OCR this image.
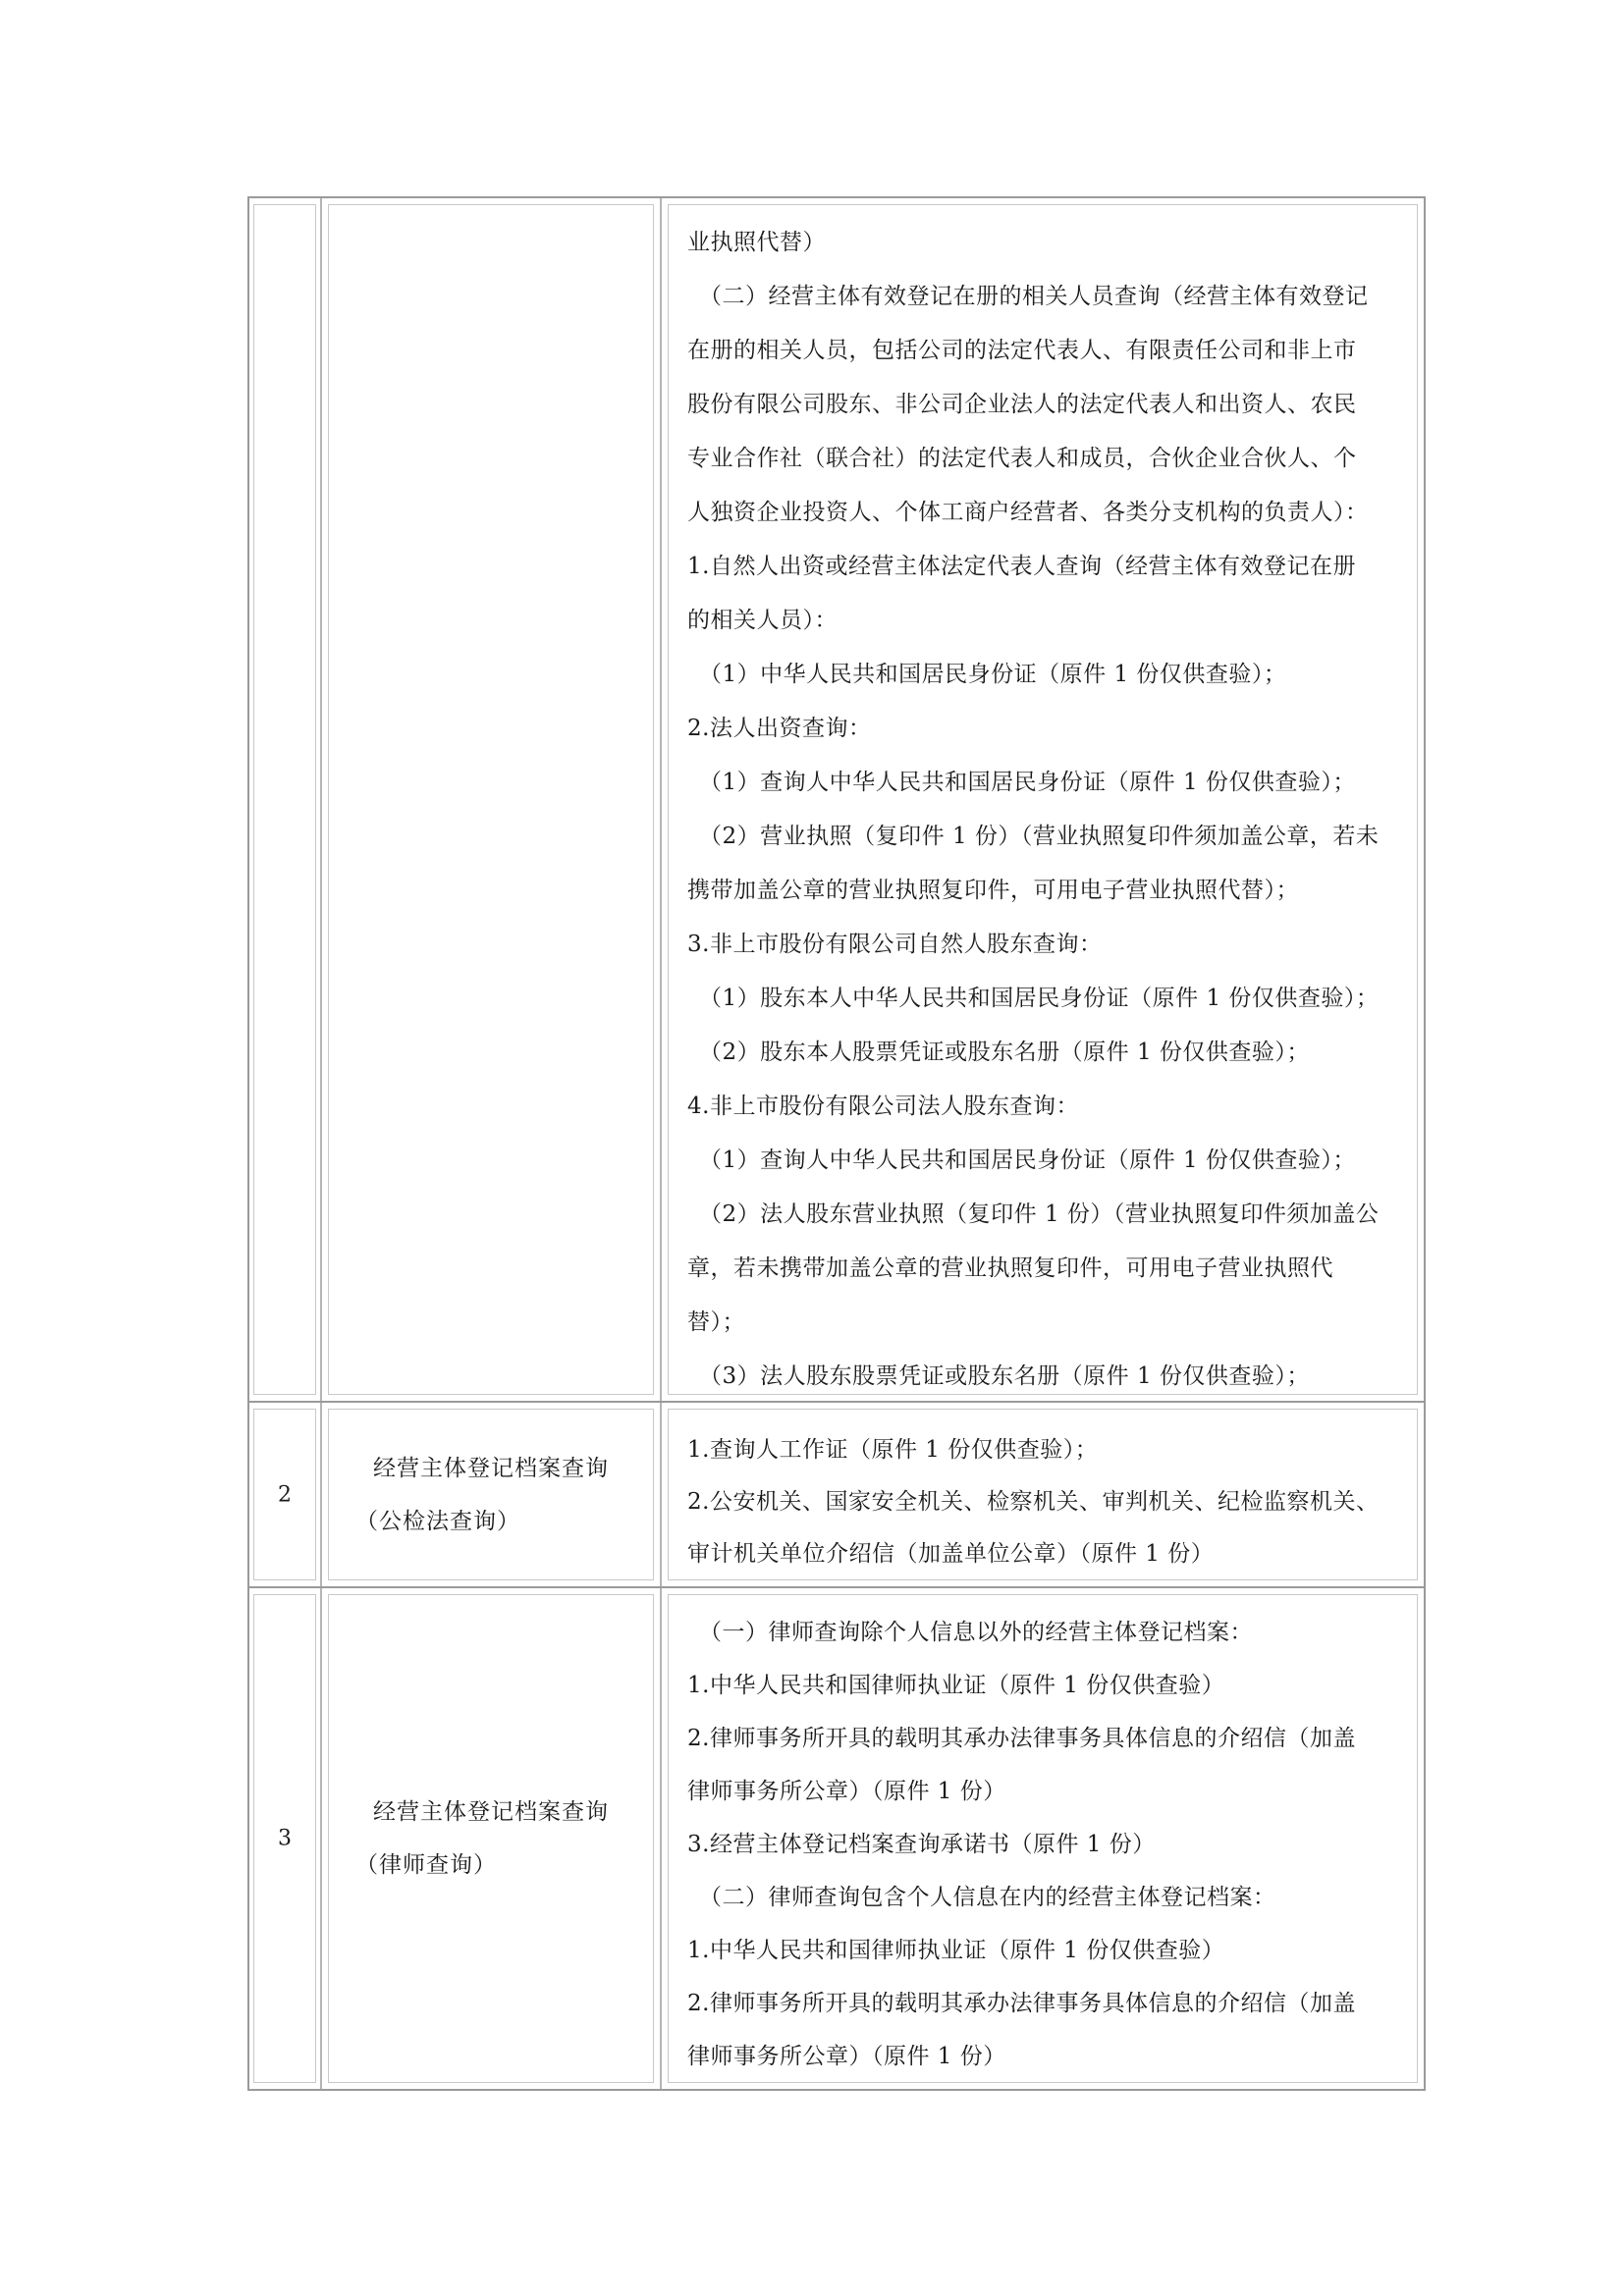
业执照代替）
（二）经营主体有效登记在册的相关人员查询（经营主体有效登记
在册的相关人员，包括公司的法定代表人、有限责任公司和非上市
股份有限公司股东、非公司企业法人的法定代表人和出资人、农民
专业合作社（联合社）的法定代表人和成员，合伙企业合伙人、个
人独资企业投资人、个体工商户经营者、各类分支机构的负责人）：
1.自然人出资或经营主体法定代表人查询（经营主体有效登记在册
的相关人员）：
（1）中华人民共和国居民身份证（原件 1 份仅供查验）；
2.法人出资查询：
（1）查询人中华人民共和国居民身份证（原件 1 份仅供查验）；
（2）营业执照（复印件 1 份）（营业执照复印件须加盖公章，若未
携带加盖公章的营业执照复印件，可用电子营业执照代替）；
3.非上市股份有限公司自然人股东查询：
（1）股东本人中华人民共和国居民身份证（原件 1 份仅供查验）；
（2）股东本人股票凭证或股东名册（原件 1 份仅供查验）；
4.非上市股份有限公司法人股东查询：
（1）查询人中华人民共和国居民身份证（原件 1 份仅供查验）；
（2）法人股东营业执照（复印件 1 份）（营业执照复印件须加盖公
章，若未携带加盖公章的营业执照复印件，可用电子营业执照代
替）；
（3）法人股东股票凭证或股东名册（原件 1 份仅供查验）；
2
经营主体登记档案查询
（公检法查询）
1.查询人工作证（原件 1 份仅供查验）；
2.公安机关、国家安全机关、检察机关、审判机关、纪检监察机关、
审计机关单位介绍信（加盖单位公章）（原件 1 份）
3
经营主体登记档案查询
（律师查询）
（一）律师查询除个人信息以外的经营主体登记档案：
1.中华人民共和国律师执业证（原件 1 份仅供查验）
2.律师事务所开具的载明其承办法律事务具体信息的介绍信（加盖
律师事务所公章）（原件 1 份）
3.经营主体登记档案查询承诺书（原件 1 份）
（二）律师查询包含个人信息在内的经营主体登记档案：
1.中华人民共和国律师执业证（原件 1 份仅供查验）
2.律师事务所开具的载明其承办法律事务具体信息的介绍信（加盖
律师事务所公章）（原件 1 份）
